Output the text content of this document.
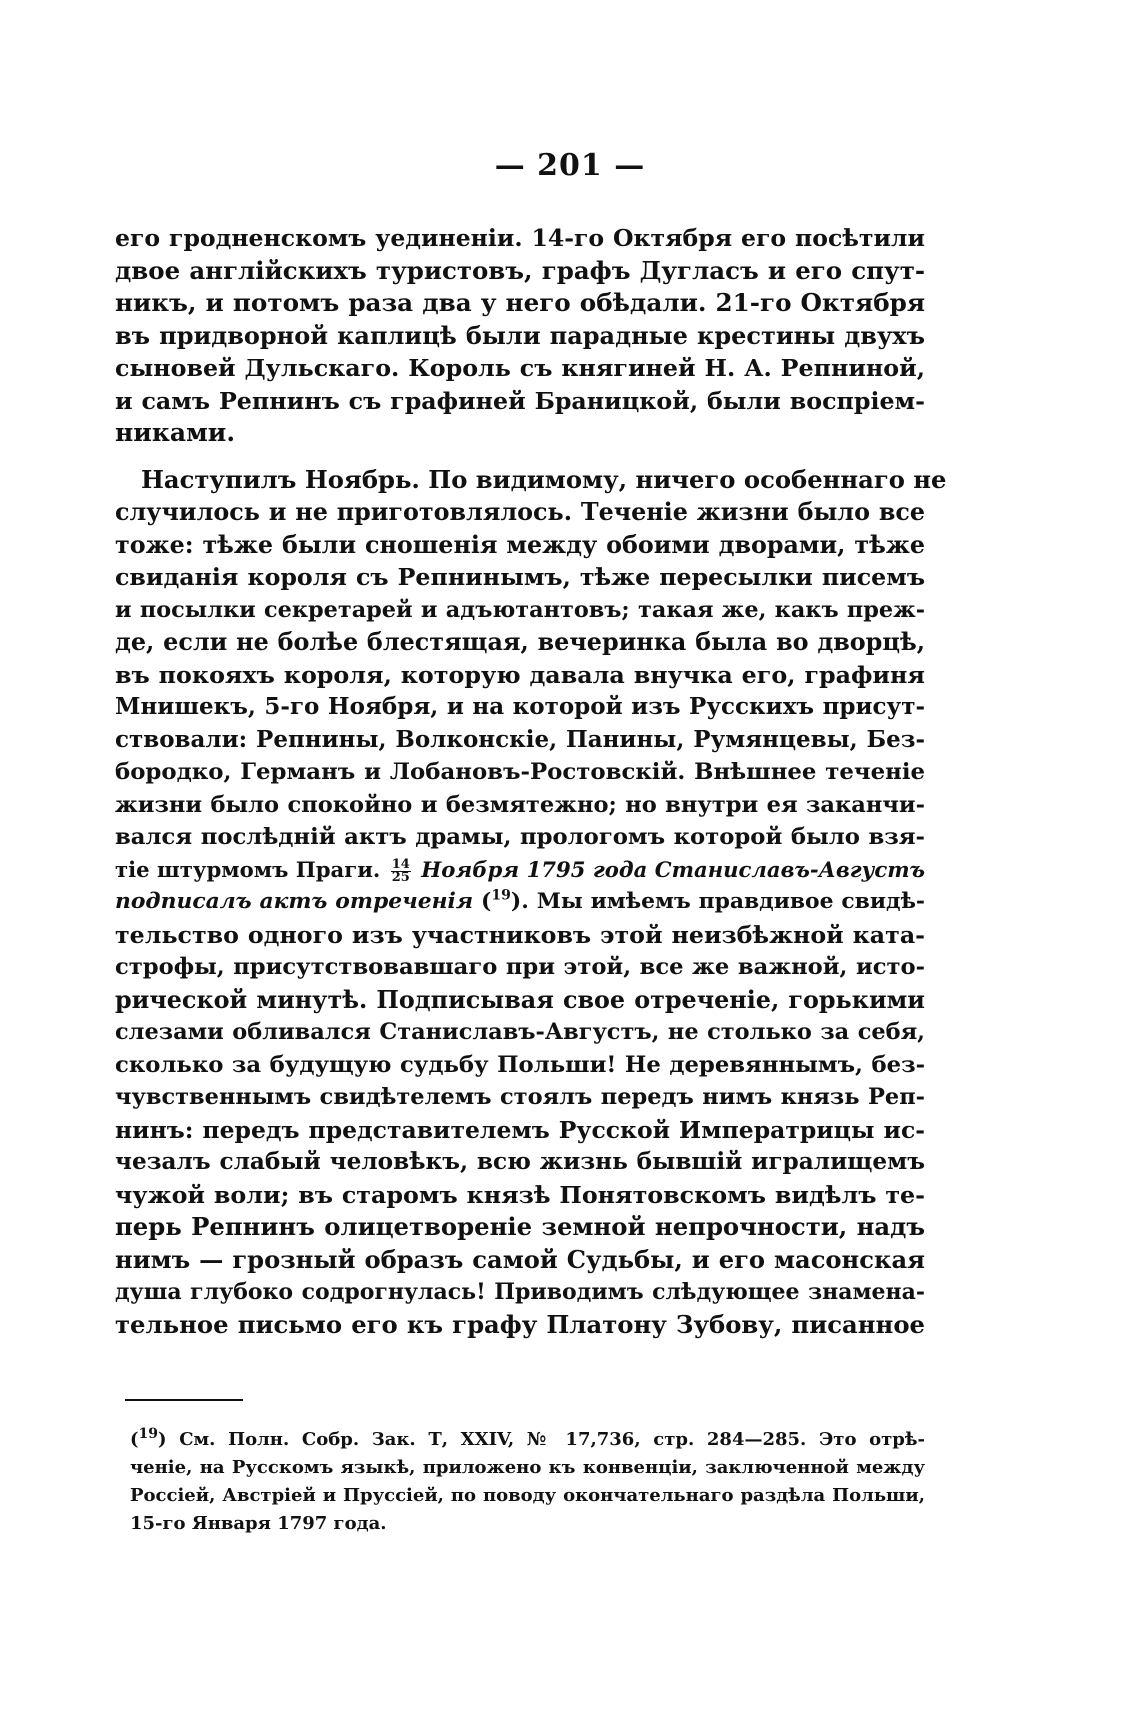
— 201 —
его гродненскомъ уединеніи. 14-го Октября его посѣтили
двое англійскихъ туристовъ, графъ Дугласъ и его спут-
никъ, и потомъ раза два у него обѣдали. 21-го Октября
въ придворной каплицѣ были парадные крестины двухъ
сыновей Дульскаго. Король съ княгиней Н. А. Репниной,
и самъ Репнинъ съ графиней Браницкой, были воспріем-
никами.
Наступилъ Ноябрь. По видимому, ничего особеннаго не
случилось и не приготовлялось. Теченіе жизни было все
тоже: тѣже были сношенія между обоими дворами, тѣже
свиданія короля съ Репнинымъ, тѣже пересылки писемъ
и посылки секретарей и адъютантовъ; такая же, какъ преж-
де, если не болѣе блестящая, вечеринка была во дворцѣ,
въ покояхъ короля, которую давала внучка его, графиня
Мнишекъ, 5-го Ноября, и на которой изъ Русскихъ присут-
ствовали: Репнины, Волконскіе, Панины, Румянцевы, Без-
бородко, Германъ и Лобановъ-Ростовскій. Внѣшнее теченіе
жизни было спокойно и безмятежно; но внутри ея заканчи-
вался послѣдній актъ драмы, прологомъ которой было взя-
тіе штурмомъ Праги. $\frac{14}{25}$ Ноября 1795 года Станиславъ-Августъ
подписалъ актъ отреченія ($^{19}$). Мы имѣемъ правдивое свидѣ-
тельство одного изъ участниковъ этой неизбѣжной ката-
строфы, присутствовавшаго при этой, все же важной, исто-
рической минутѣ. Подписывая свое отреченіе, горькими
слезами обливался Станиславъ-Августъ, не столько за себя,
сколько за будущую судьбу Польши! Не деревяннымъ, без-
чувственнымъ свидѣтелемъ стоялъ передъ нимъ князь Реп-
нинъ: передъ представителемъ Русской Императрицы ис-
чезалъ слабый человѣкъ, всю жизнь бывшій игралищемъ
чужой воли; въ старомъ князѣ Понятовскомъ видѣлъ те-
перь Репнинъ олицетвореніе земной непрочности, надъ
нимъ — грозный образъ самой Судьбы, и его масонская
душа глубоко содрогнулась! Приводимъ слѣдующее знамена-
тельное письмо его къ графу Платону Зубову, писанное
($^{19}$) См. Полн. Собр. Зак. Т, XXIV, № 17,736, стр. 284—285. Это отрѣ-
ченіе, на Русскомъ языкѣ, приложено къ конвенціи, заключенной между
Россіей, Австріей и Пруссіей, по поводу окончательнаго раздѣла Польши,
15-го Января 1797 года.
